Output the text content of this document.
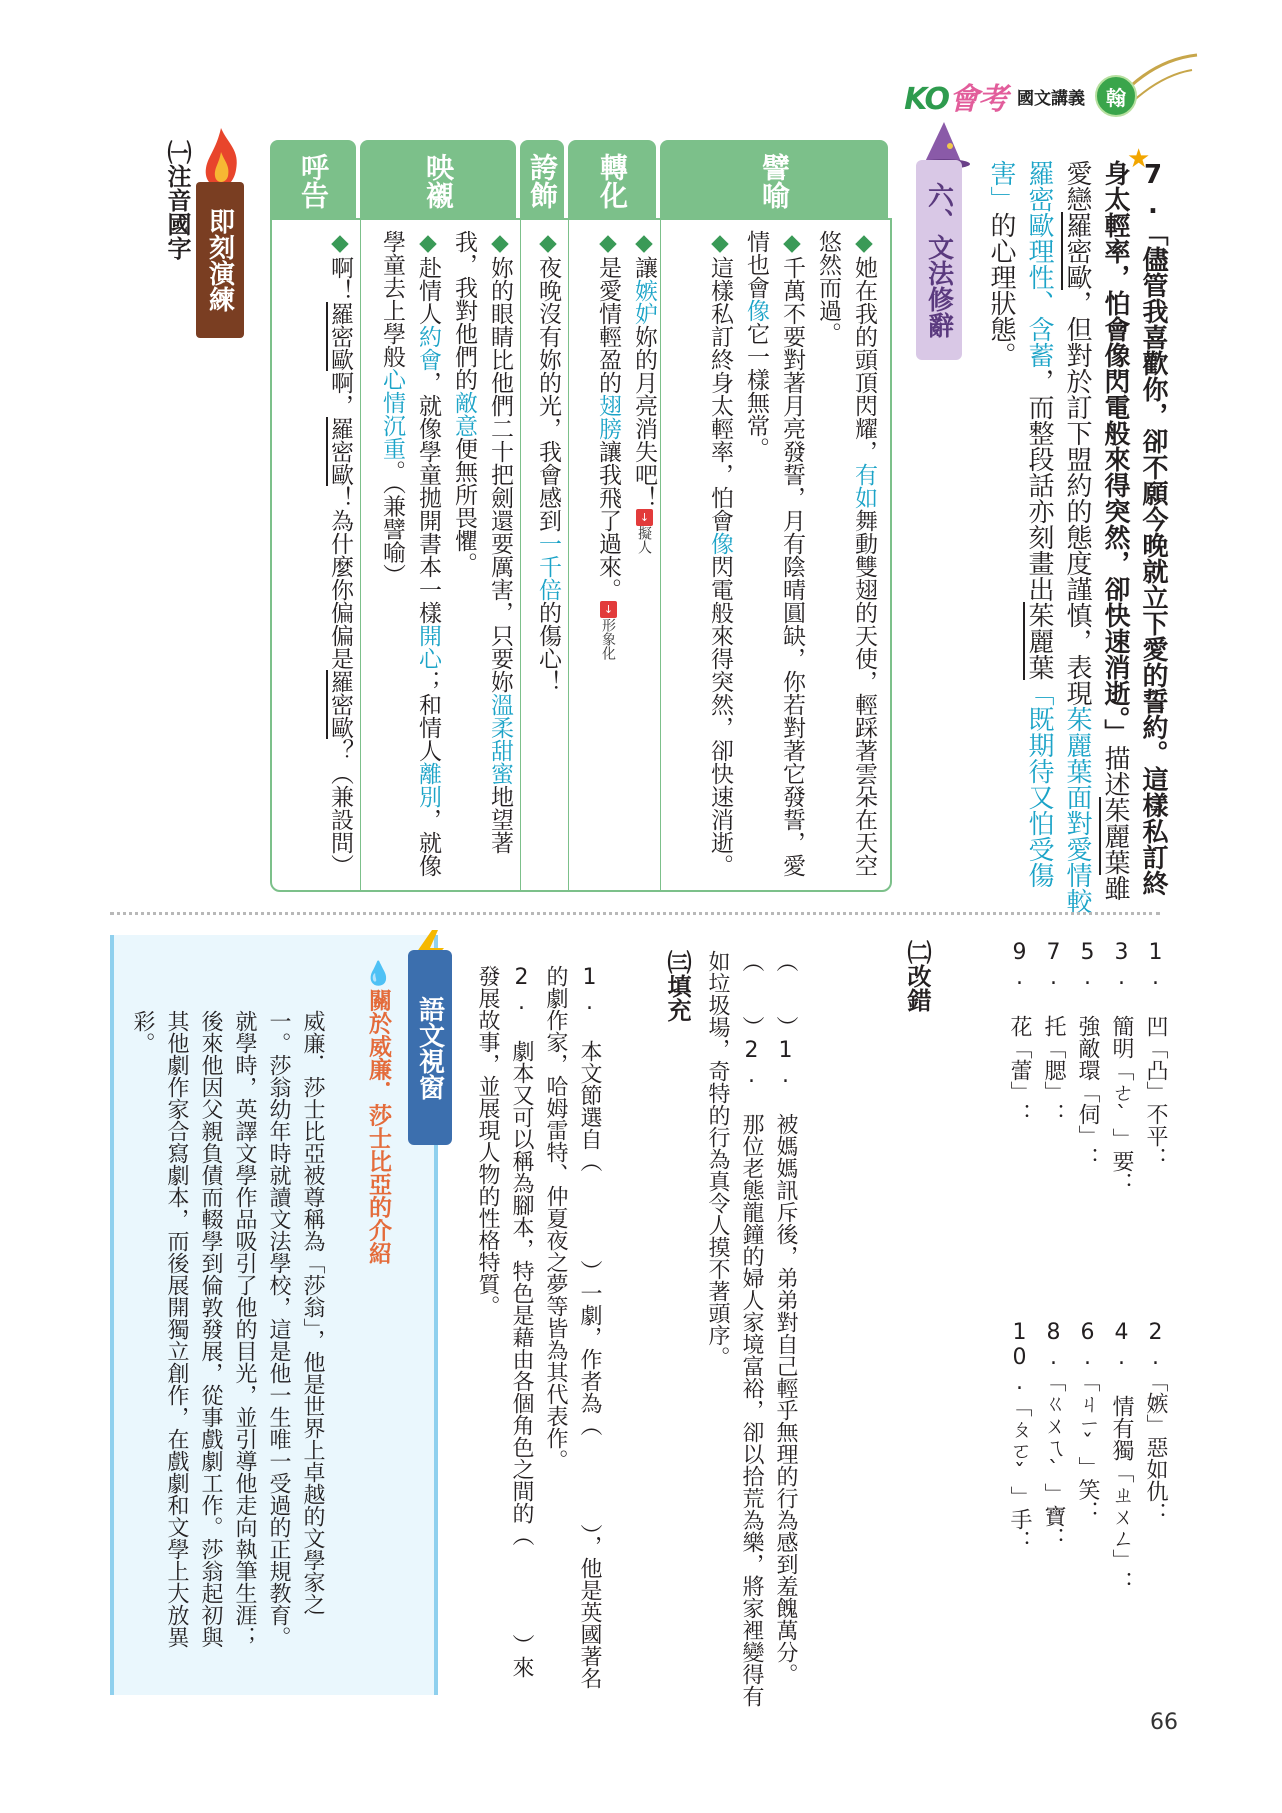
KO會考 國文講義	翰
★
7.「儘管我喜歡你，卻不願今晚就立下愛的誓約。這樣私訂終身太輕率，怕會像閃電般來得突然，卻快速消逝。」描述茱麗葉雖愛戀羅密歐，但對於訂下盟約的態度謹慎，表現茱麗葉面對愛情較羅密歐理性、含蓄，而整段話亦刻畫出茱麗葉「既期待又怕受傷害」的心理狀態。
六、文法修辭
譬喻
轉化
誇飾
映襯
呼告
◆她在我的頭頂閃耀，有如舞動雙翅的天使，輕踩著雲朵在天空悠然而過。
◆千萬不要對著月亮發誓，月有陰晴圓缺，你若對著它發誓，愛情也會像它一樣無常。
◆這樣私訂終身太輕率，怕會像閃電般來得突然，卻快速消逝。
◆讓嫉妒妳的月亮消失吧！↓擬人
◆是愛情輕盈的翅膀讓我飛了過來。↓形象化
◆夜晚沒有妳的光，我會感到一千倍的傷心！
◆妳的眼睛比他們二十把劍還要厲害，只要妳溫柔甜蜜地望著我，我對他們的敵意便無所畏懼。
◆赴情人約會，就像學童拋開書本一樣開心；和情人離別，就像學童去上學般心情沉重。（兼譬喻）
◆啊！羅密歐啊，羅密歐！為什麼你偏偏是羅密歐？（兼設問）
即刻演練
㈠注音國字
1. 凹「凸」不平：
3. 簡明「ㄜˋ」要：
5. 強敵環「伺」：
7. 托「腮」：
9. 花「蕾」：
2.「嫉」惡如仇：
4. 情有獨「ㄓㄨㄥ」：
6.「ㄐㄧˇ」笑：
8.「ㄍㄨㄟˋ」寶：
10.「ㄆㄛˇ」手：
㈡改錯
（　　）1. 被媽媽訊斥後，弟弟對自己輕乎無理的行為感到羞餽萬分。
（　　）2. 那位老態龍鐘的婦人家境富裕，卻以拾荒為樂，將家裡變得有如垃圾場，奇特的行為真令人摸不著頭序。
㈢填充
1. 本文節選自（　　　　）一劇，作者為（　　　　），他是英國著名的劇作家，哈姆雷特、仲夏夜之夢等皆為其代表作。
2. 劇本又可以稱為腳本，特色是藉由各個角色之間的（　　　　）來發展故事，並展現人物的性格特質。
語文視窗
💧關於威廉．莎士比亞的介紹
威廉．莎士比亞被尊稱為「莎翁」，他是世界上卓越的文學家之一。莎翁幼年時就讀文法學校，這是他一生唯一受過的正規教育。就學時，英譯文學作品吸引了他的目光，並引導他走向執筆生涯；後來他因父親負債而輟學到倫敦發展，從事戲劇工作。莎翁起初與其他劇作家合寫劇本，而後展開獨立創作，在戲劇和文學上大放異彩。
66
